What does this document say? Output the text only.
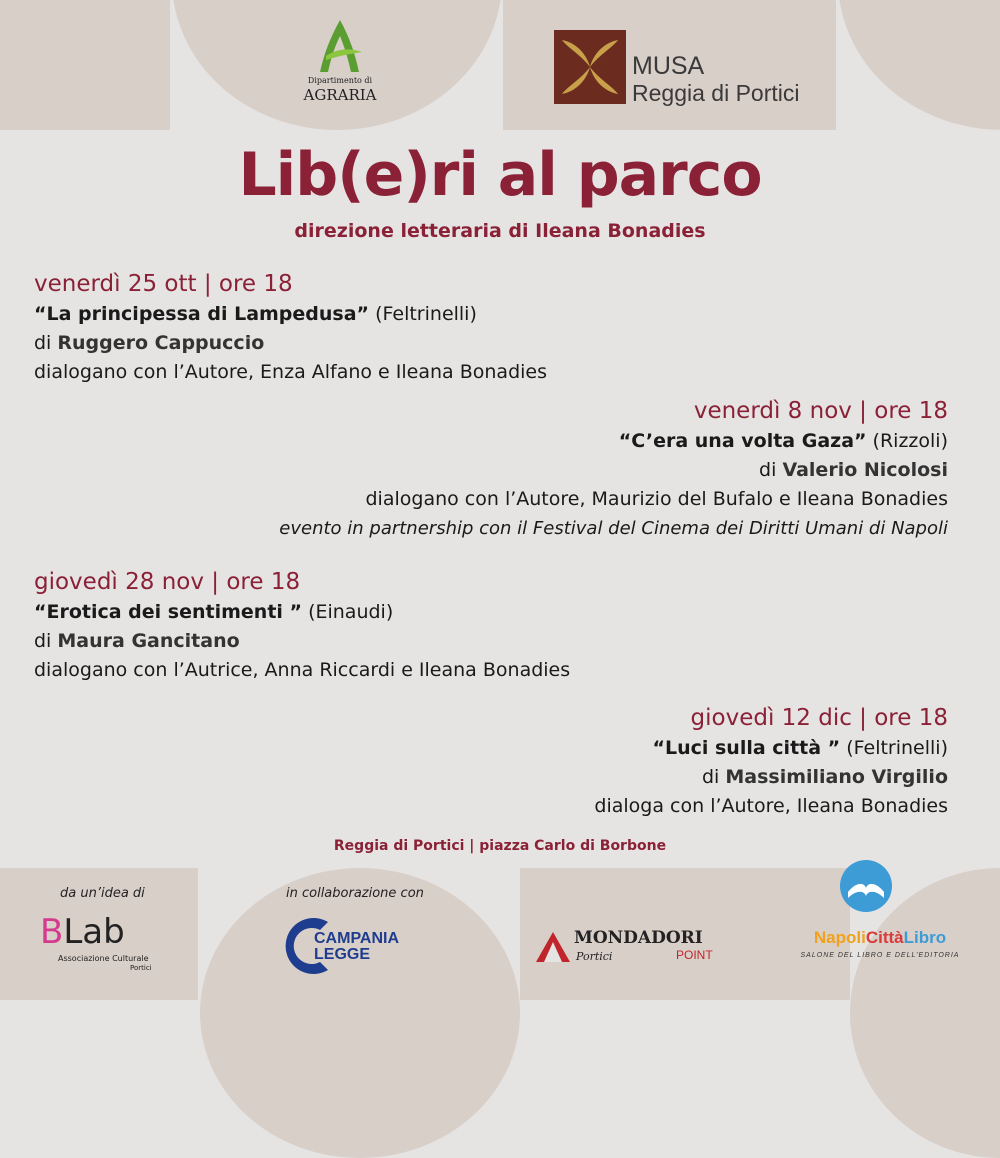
Dipartimento di
AGRARIA
MUSA
Reggia di Portici
Lib(e)ri al parco
direzione letteraria di Ileana Bonadies
venerdì 25 ott | ore 18
“La principessa di Lampedusa” (Feltrinelli)
di Ruggero Cappuccio
dialogano con l’Autore, Enza Alfano e Ileana Bonadies
venerdì 8 nov | ore 18
“C’era una volta Gaza” (Rizzoli)
di Valerio Nicolosi
dialogano con l’Autore, Maurizio del Bufalo e Ileana Bonadies
evento in partnership con il Festival del Cinema dei Diritti Umani di Napoli
giovedì 28 nov | ore 18
“Erotica dei sentimenti ” (Einaudi)
di Maura Gancitano
dialogano con l’Autrice, Anna Riccardi e Ileana Bonadies
giovedì 12 dic | ore 18
“Luci sulla città ” (Feltrinelli)
di Massimiliano Virgilio
dialoga con l’Autore, Ileana Bonadies
Reggia di Portici | piazza Carlo di Borbone
da un’idea di	in collaborazione con
BLab
Associazione Culturale
Portici
CAMPANIA
LEGGE
MONDADORI
Portici	POINT
NapoliCittàLibro
SALONE DEL LIBRO E DELL’EDITORIA
